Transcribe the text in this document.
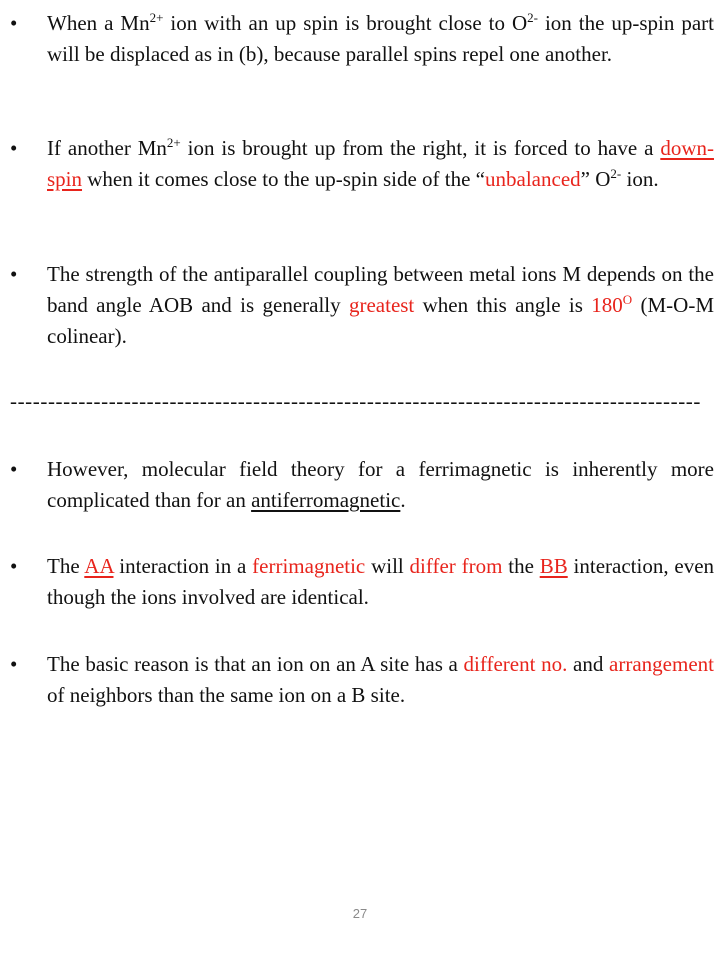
•	When a $Mn^{2+}$ ion with an up spin is brought close to $O^{2-}$ ion the up-spin part will be displaced as in (b), because parallel spins repel one another.
•	If another $Mn^{2+}$ ion is brought up from the right, it is forced to have a down-spin when it comes close to the up-spin side of the “unbalanced” $O^{2-}$ ion.
•	The strength of the antiparallel coupling between metal ions M depends on the band angle AOB and is generally greatest when this angle is $180^O$ (M-O-M colinear).
-------------------------------------------------------------------------------------------
•	However, molecular field theory for a ferrimagnetic is inherently more complicated than for an antiferromagnetic.
•	The AA interaction in a ferrimagnetic will differ from the BB interaction, even though the ions involved are identical.
•	The basic reason is that an ion on an A site has a different no. and arrangement of neighbors than the same ion on a B site.
27
